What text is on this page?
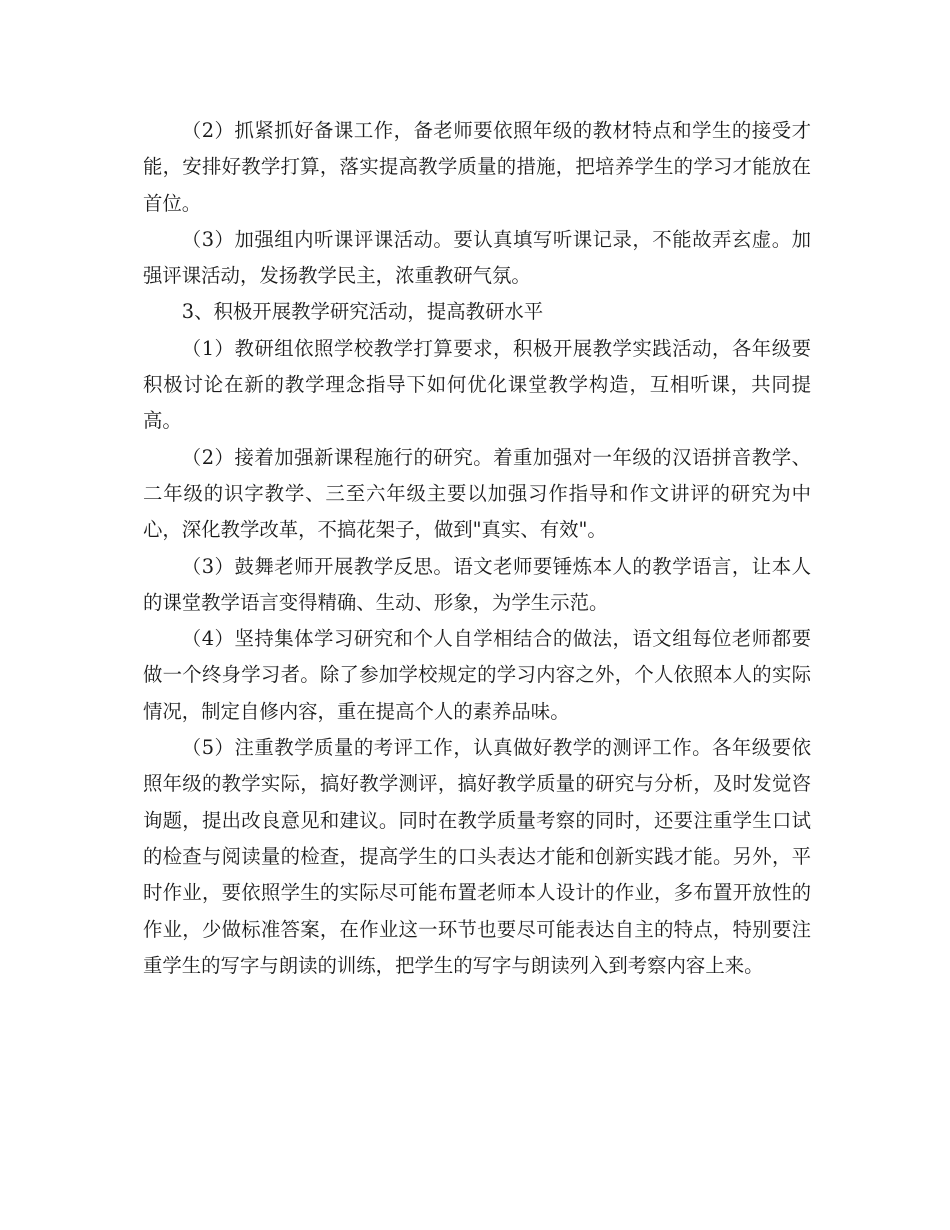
（2）抓紧抓好备课工作，备老师要依照年级的教材特点和学生的接受才能，安排好教学打算，落实提高教学质量的措施，把培养学生的学习才能放在首位。

（3）加强组内听课评课活动。要认真填写听课记录，不能故弄玄虚。加强评课活动，发扬教学民主，浓重教研气氛。

3、积极开展教学研究活动，提高教研水平

（1）教研组依照学校教学打算要求，积极开展教学实践活动，各年级要积极讨论在新的教学理念指导下如何优化课堂教学构造，互相听课，共同提高。

（2）接着加强新课程施行的研究。着重加强对一年级的汉语拼音教学、二年级的识字教学、三至六年级主要以加强习作指导和作文讲评的研究为中心，深化教学改革，不搞花架子，做到"真实、有效"。

（3）鼓舞老师开展教学反思。语文老师要锤炼本人的教学语言，让本人的课堂教学语言变得精确、生动、形象，为学生示范。

（4）坚持集体学习研究和个人自学相结合的做法，语文组每位老师都要做一个终身学习者。除了参加学校规定的学习内容之外，个人依照本人的实际情况，制定自修内容，重在提高个人的素养品味。

（5）注重教学质量的考评工作，认真做好教学的测评工作。各年级要依照年级的教学实际，搞好教学测评，搞好教学质量的研究与分析，及时发觉咨询题，提出改良意见和建议。同时在教学质量考察的同时，还要注重学生口试的检查与阅读量的检查，提高学生的口头表达才能和创新实践才能。另外，平时作业，要依照学生的实际尽可能布置老师本人设计的作业，多布置开放性的作业，少做标准答案，在作业这一环节也要尽可能表达自主的特点，特别要注重学生的写字与朗读的训练，把学生的写字与朗读列入到考察内容上来。
